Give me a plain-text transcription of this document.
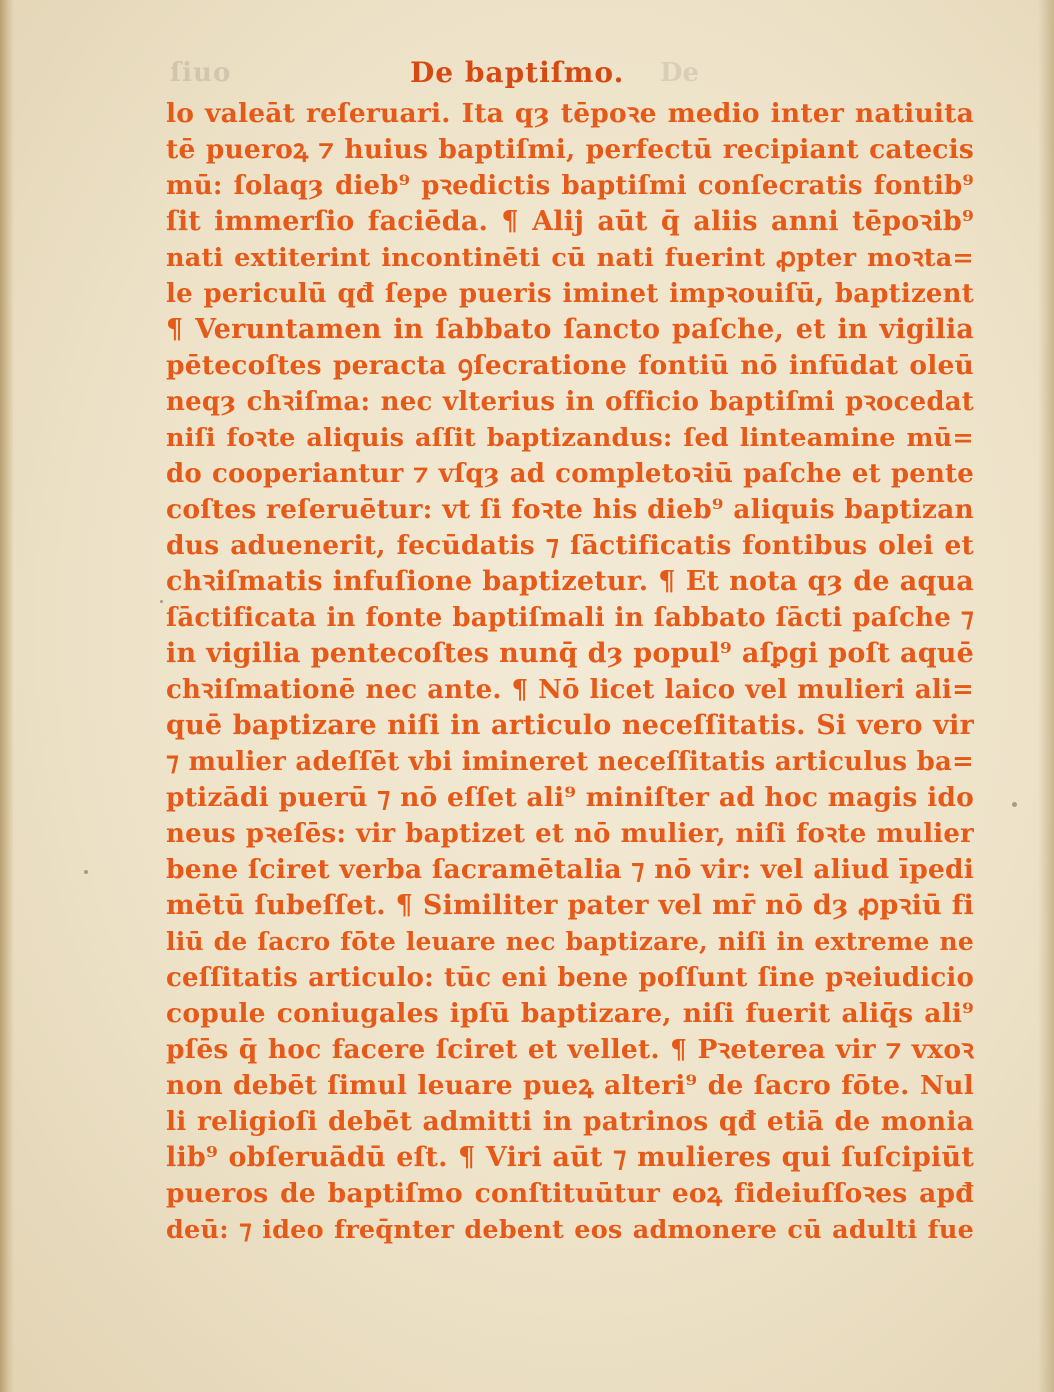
ſiuo	De
De baptiſmo.
lo valeāt reſeruari. Ita qȝ tēpoꝛe medio inter natiuita
tē pueroꝝ ⁊ huius baptiſmi, perfectū recipiant catecis
mū: ſolaqȝ dieb⁹ pꝛedictis baptiſmi conſecratis fontib⁹
ſit immerſio faciēda. ¶ Alij aūt q̄ aliis anni tēpoꝛib⁹
nati extiterint incontinēti cū nati fuerint ꝓpter moꝛta=
le periculū qđ ſepe pueris iminet impꝛouiſū, baptizent
¶ Veruntamen in ſabbato ſancto paſche, et in vigilia
pētecoſtes peracta ꝯſecratione fontiū nō infūdat oleū
neqȝ chꝛiſma: nec vlterius in officio baptiſmi pꝛocedat
niſi foꝛte aliquis aſſit baptizandus: ſed linteamine mū=
do cooperiantur ⁊ vſqȝ ad completoꝛiū paſche et pente
coſtes reſeruētur: vt ſi foꝛte his dieb⁹ aliquis baptizan
dus aduenerit, fecūdatis ⁊ ſāctificatis fontibus olei et
chꝛiſmatis infuſione baptizetur. ¶ Et nota qȝ de aqua
ſāctificata in fonte baptiſmali in ſabbato ſācti paſche ⁊
in vigilia pentecoſtes nunq̄ dȝ popul⁹ aſꝑgi poſt aquē
chꝛiſmationē nec ante. ¶ Nō licet laico vel mulieri ali=
quē baptizare niſi in articulo neceſſitatis. Si vero vir
⁊ mulier adeſſēt vbi imineret neceſſitatis articulus ba=
ptizādi puerū ⁊ nō eſſet ali⁹ miniſter ad hoc magis ido
neus pꝛeſēs: vir baptizet et nō mulier, niſi foꝛte mulier
bene ſciret verba ſacramētalia ⁊ nō vir: vel aliud īpedi
mētū ſubeſſet. ¶ Similiter pater vel mr̄ nō dȝ ꝓpꝛiū fi
liū de ſacro fōte leuare nec baptizare, niſi in extreme ne
ceſſitatis articulo: tūc eni bene poſſunt ſine pꝛeiudicio
copule coniugales ipſū baptizare, niſi fuerit aliq̄s ali⁹
pſēs q̄ hoc facere ſciret et vellet. ¶ Pꝛeterea vir ⁊ vxoꝛ
non debēt ſimul leuare pueꝝ alteri⁹ de ſacro fōte. Nul
li religioſi debēt admitti in patrinos qđ etiā de monia
lib⁹ obſeruādū eſt. ¶ Viri aūt ⁊ mulieres qui ſuſcipiūt
pueros de baptiſmo conſtituūtur eoꝝ fideiuſſoꝛes apđ
deū: ⁊ ideo freq̄nter debent eos admonere cū adulti fue
